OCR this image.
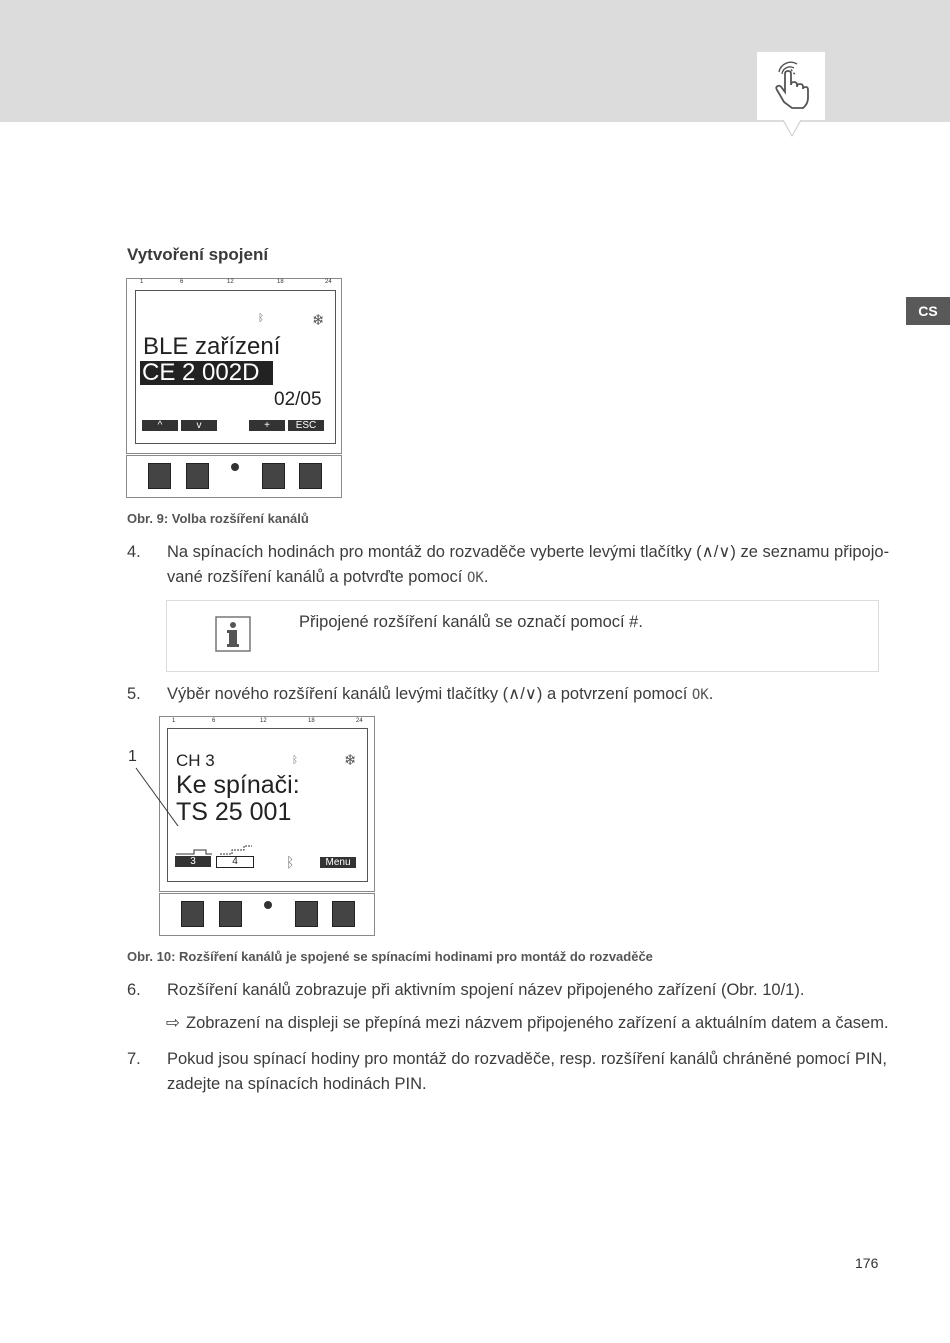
CS
Vytvoření spojení
1	6	12	18	24
ᛒ	❄
BLE zařízení
CE 2 002D
02/05
^	v	+	ESC
Obr. 9: Volba rozšíření kanálů
4. Na spínacích hodinách pro montáž do rozvaděče vyberte levými tlačítky (∧/∨) ze seznamu připojo-
vané rozšíření kanálů a potvrďte pomocí OK.
Připojené rozšíření kanálů se označí pomocí #.
5. Výběr nového rozšíření kanálů levými tlačítky (∧/∨) a potvrzení pomocí OK.
1	6	12	18	24
CH 3	ᛒ	❄
Ke spínači:
TS 25 001
3	4	ᛒ	Menu
1
Obr. 10: Rozšíření kanálů je spojené se spínacími hodinami pro montáž do rozvaděče
6. Rozšíření kanálů zobrazuje při aktivním spojení název připojeného zařízení (Obr. 10/1).
⇨ Zobrazení na displeji se přepíná mezi názvem připojeného zařízení a aktuálním datem a časem.
7. Pokud jsou spínací hodiny pro montáž do rozvaděče, resp. rozšíření kanálů chráněné pomocí PIN,
zadejte na spínacích hodinách PIN.
176
